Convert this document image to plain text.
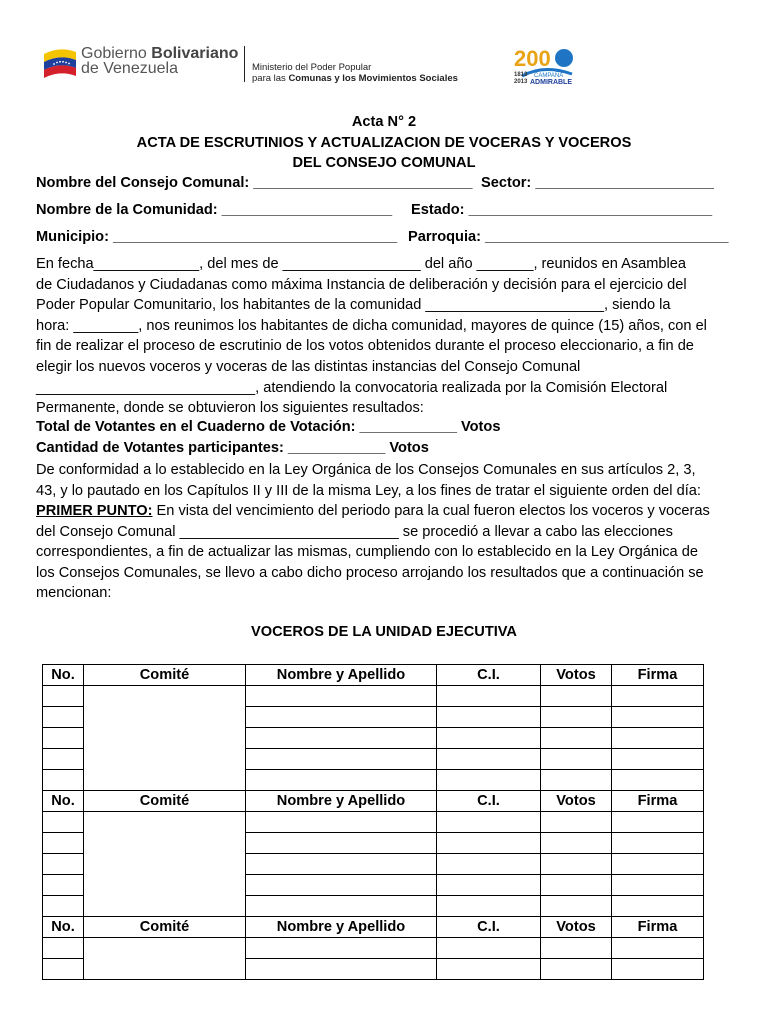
Gobierno Bolivariano
de Venezuela	Ministerio del Poder Popular
para las Comunas y los Movimientos Sociales
200
1813
2013
CAMPAÑA
ADMIRABLE
Acta N° 2
ACTA DE ESCRUTINIOS Y ACTUALIZACION DE VOCERAS Y VOCEROS
DEL CONSEJO COMUNAL
Nombre del Consejo Comunal: ___________________________ Sector: ______________________
Nombre de la Comunidad: _____________________ Estado: ______________________________
Municipio: ___________________________________ Parroquia: ______________________________
En fecha_____________, del mes de _________________ del año _______, reunidos en Asamblea
de Ciudadanos y Ciudadanas como máxima Instancia de deliberación y decisión para el ejercicio del
Poder Popular Comunitario, los habitantes de la comunidad ______________________, siendo la
hora: ________, nos reunimos los habitantes de dicha comunidad, mayores de quince (15) años, con el
fin de realizar el proceso de escrutinio de los votos obtenidos durante el proceso eleccionario, a fin de
elegir los nuevos voceros y voceras de las distintas instancias del Consejo Comunal
___________________________, atendiendo la convocatoria realizada por la Comisión Electoral
Permanente, donde se obtuvieron los siguientes resultados:
Total de Votantes en el Cuaderno de Votación: ____________ Votos
Cantidad de Votantes participantes: ____________ Votos
De conformidad a lo establecido en la Ley Orgánica de los Consejos Comunales en sus artículos 2, 3,
43, y lo pautado en los Capítulos II y III de la misma Ley, a los fines de tratar el siguiente orden del día:
PRIMER PUNTO: En vista del vencimiento del periodo para la cual fueron electos los voceros y voceras
del Consejo Comunal ___________________________ se procedió a llevar a cabo las elecciones
correspondientes, a fin de actualizar las mismas, cumpliendo con lo establecido en la Ley Orgánica de
los Consejos Comunales, se llevo a cabo dicho proceso arrojando los resultados que a continuación se
mencionan:
VOCEROS DE LA UNIDAD EJECUTIVA
No.	Comité	Nombre y Apellido	C.I.	Votos	Firma

No.	Comité	Nombre y Apellido	C.I.	Votos	Firma

No.	Comité	Nombre y Apellido	C.I.	Votos	Firma
